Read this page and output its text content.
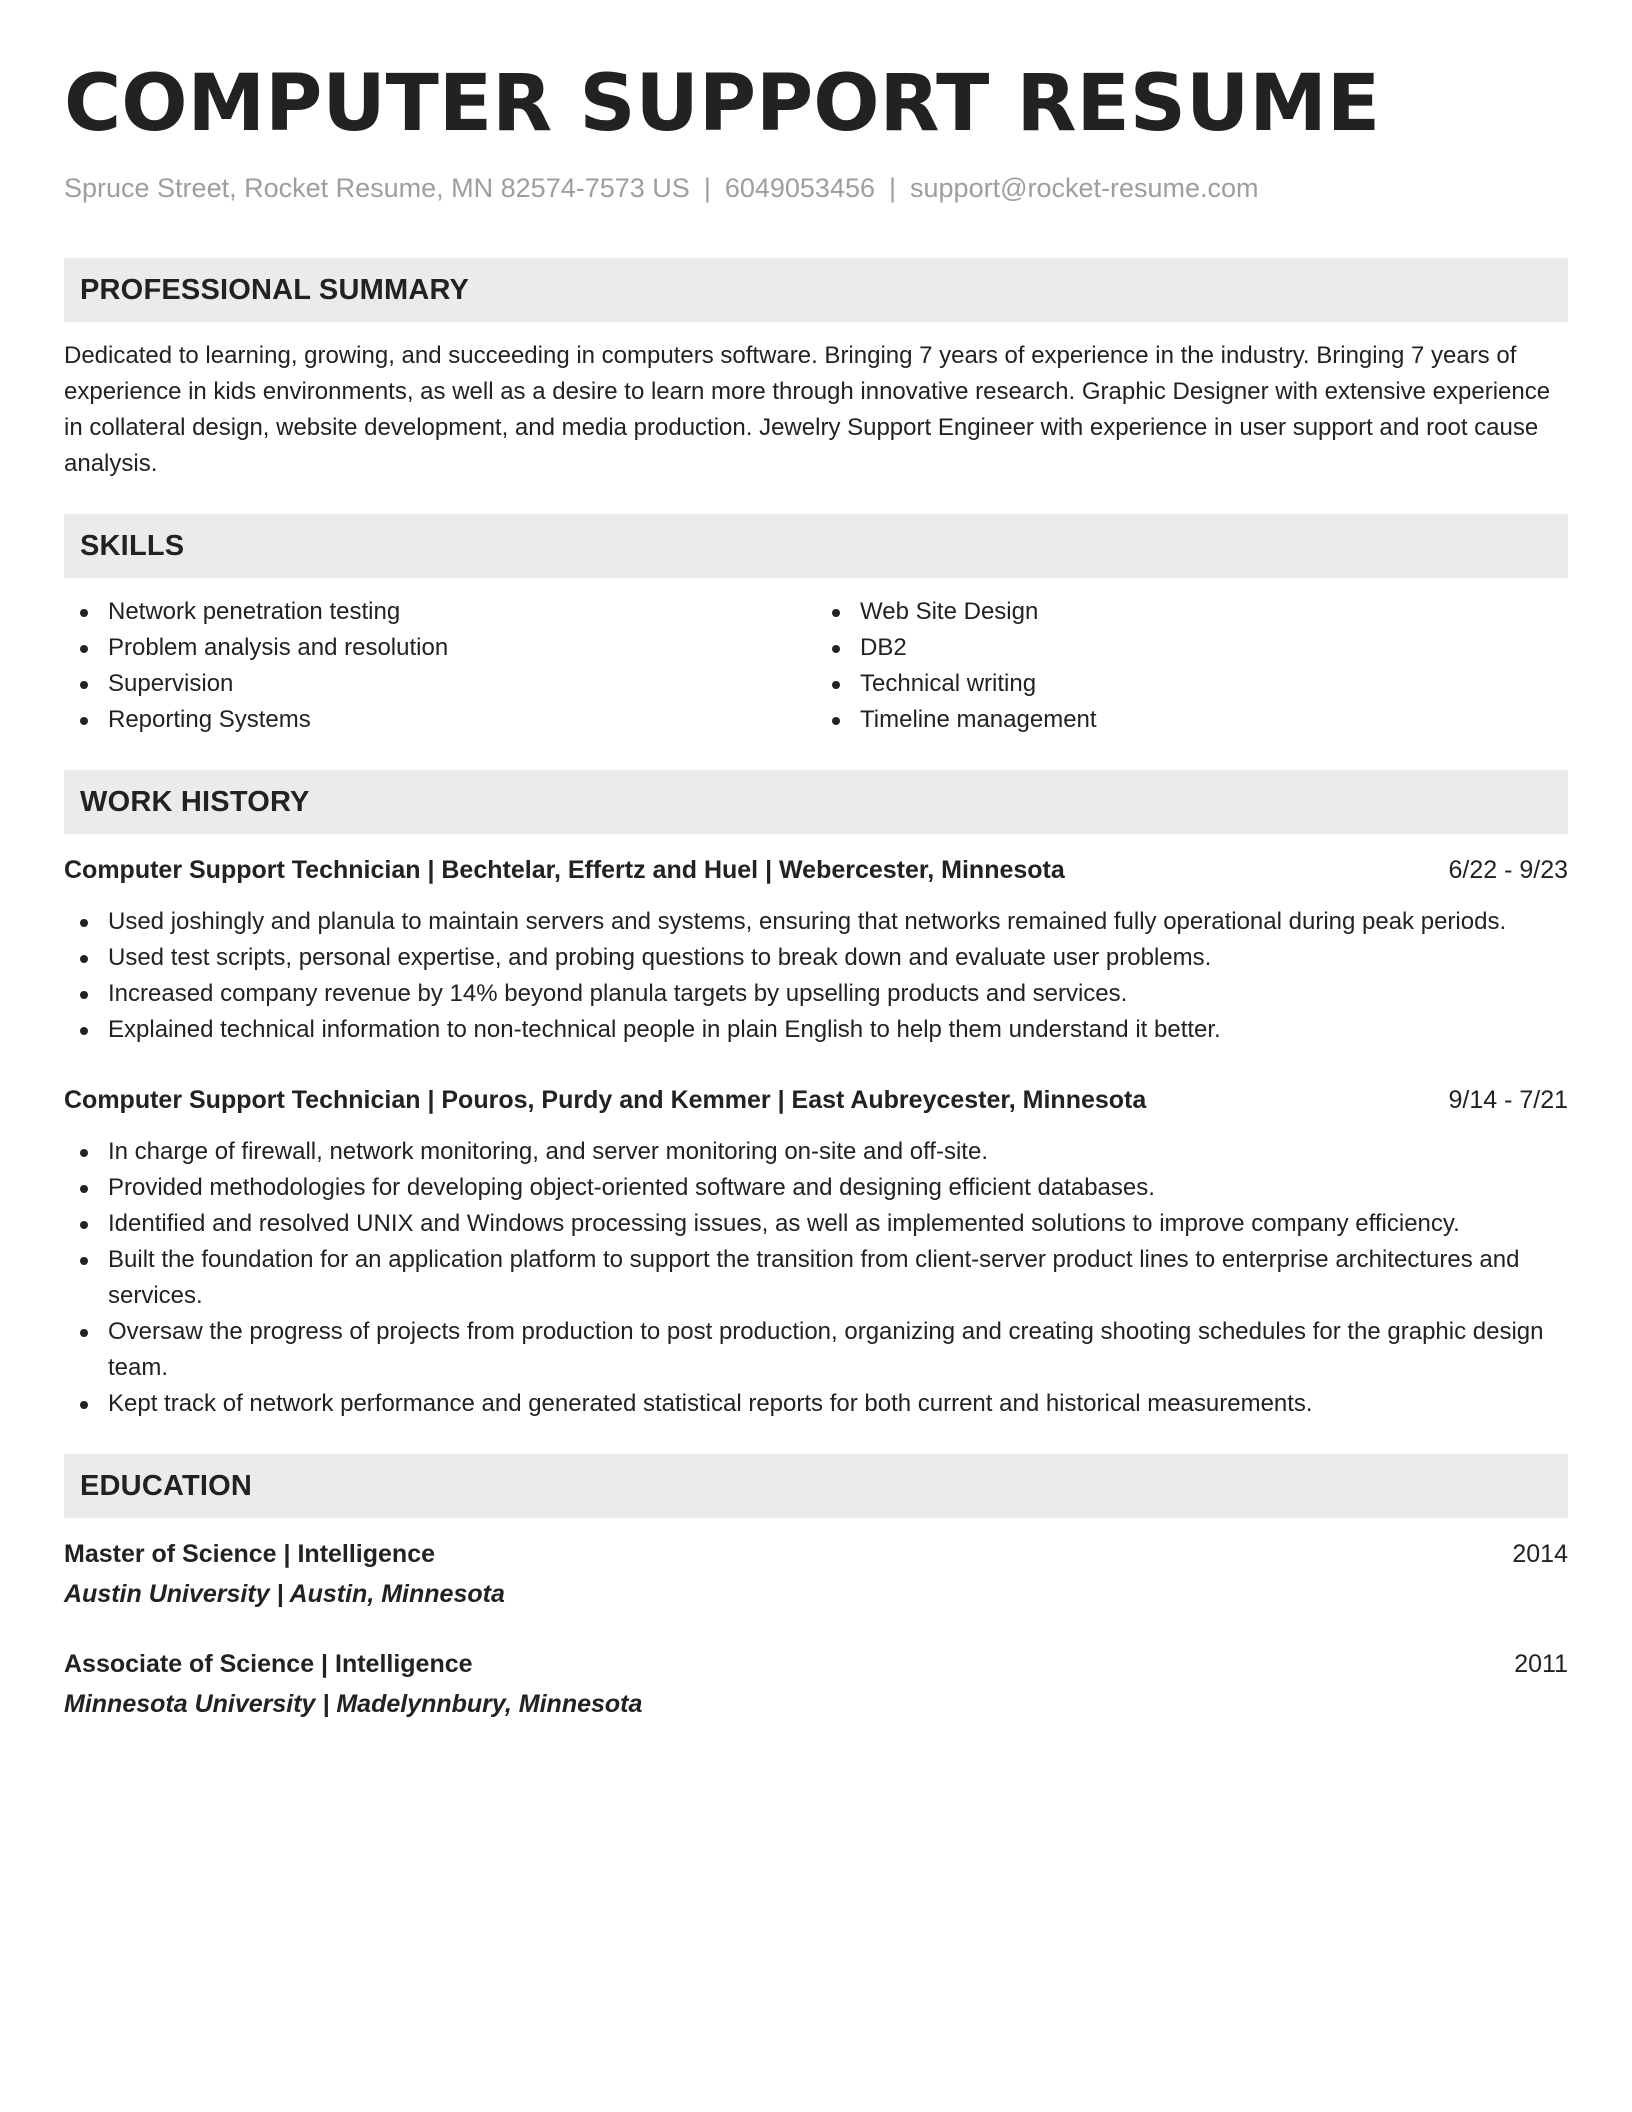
COMPUTER SUPPORT RESUME
Spruce Street, Rocket Resume, MN 82574-7573 US | 6049053456 | support@rocket-resume.com
PROFESSIONAL SUMMARY

Dedicated to learning, growing, and succeeding in computers software. Bringing 7 years of experience in the industry. Bringing 7 years of experience in kids environments, as well as a desire to learn more through innovative research. Graphic Designer with extensive experience in collateral design, website development, and media production. Jewelry Support Engineer with experience in user support and root cause analysis.

SKILLS
Network penetration testing
Problem analysis and resolution
Supervision
Reporting Systems
Web Site Design
DB2
Technical writing
Timeline management
WORK HISTORY
Computer Support Technician | Bechtelar, Effertz and Huel | Webercester, Minnesota	6/22 - 9/23
Used joshingly and planula to maintain servers and systems, ensuring that networks remained fully operational during peak periods.
Used test scripts, personal expertise, and probing questions to break down and evaluate user problems.
Increased company revenue by 14% beyond planula targets by upselling products and services.
Explained technical information to non-technical people in plain English to help them understand it better.
Computer Support Technician | Pouros, Purdy and Kemmer | East Aubreycester, Minnesota	9/14 - 7/21
In charge of firewall, network monitoring, and server monitoring on-site and off-site.
Provided methodologies for developing object-oriented software and designing efficient databases.
Identified and resolved UNIX and Windows processing issues, as well as implemented solutions to improve company efficiency.
Built the foundation for an application platform to support the transition from client-server product lines to enterprise architectures and services.
Oversaw the progress of projects from production to post production, organizing and creating shooting schedules for the graphic design team.
Kept track of network performance and generated statistical reports for both current and historical measurements.
EDUCATION
Master of Science | Intelligence	2014
Austin University | Austin, Minnesota
Associate of Science | Intelligence	2011
Minnesota University | Madelynnbury, Minnesota
